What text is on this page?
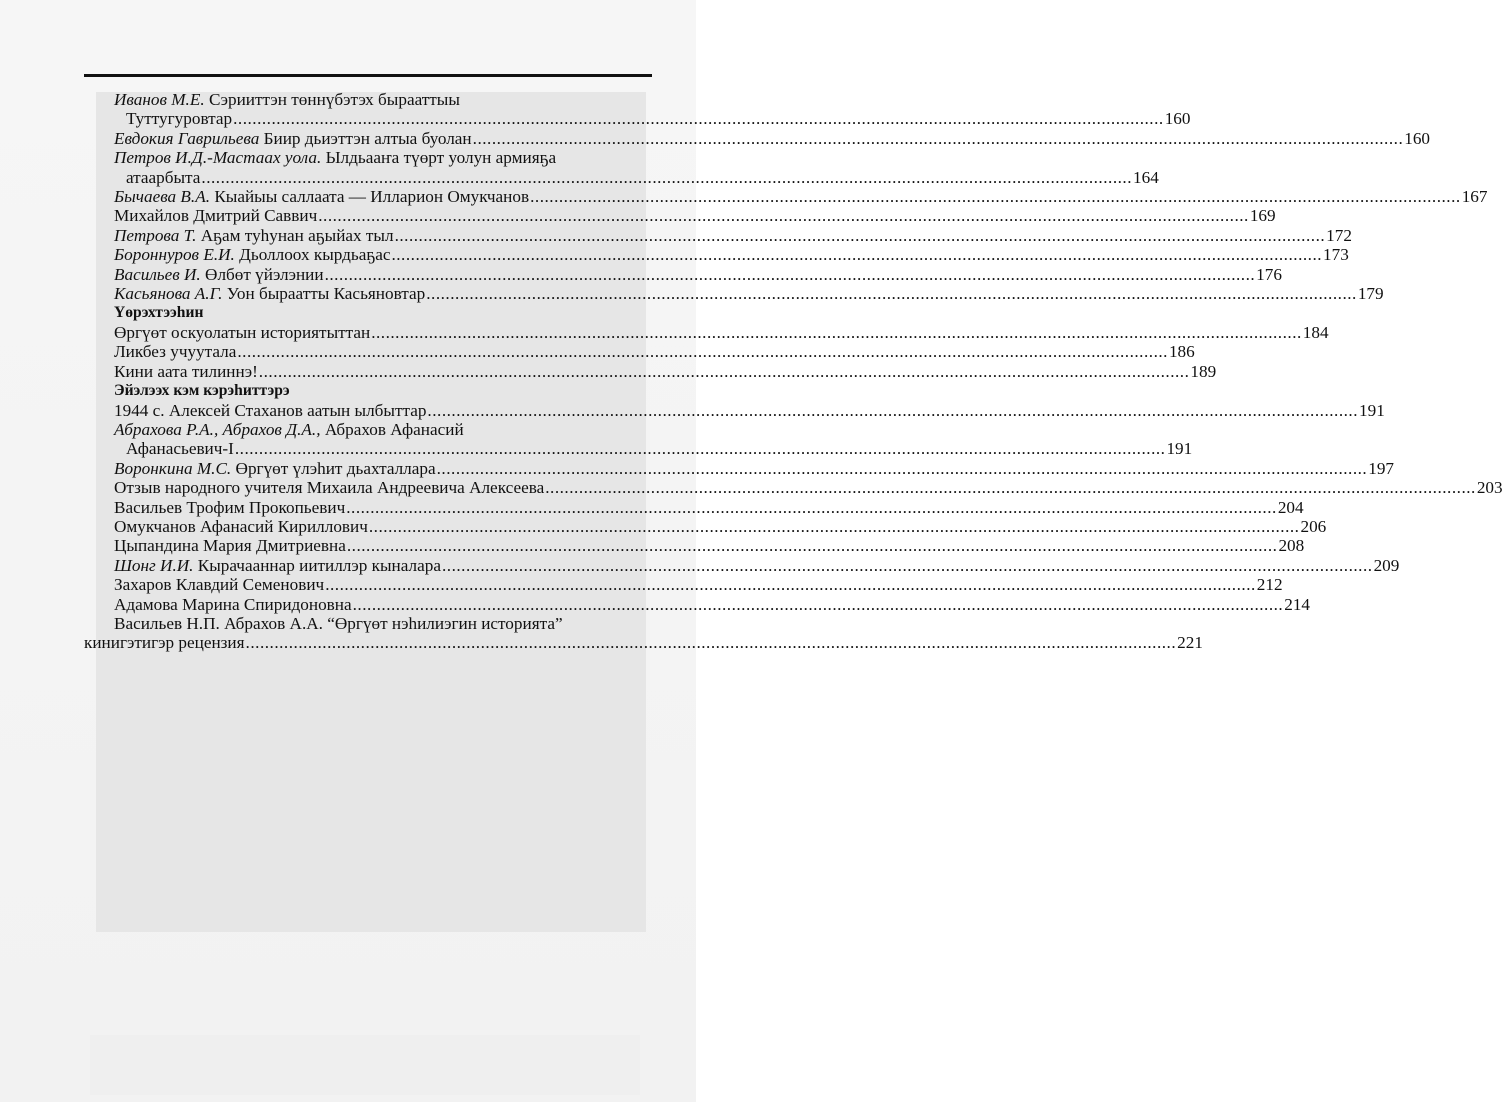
Иванов М.Е. Сэрииттэн төннүбэтэх бырааттыы
Туттугуровтар .....	160
Евдокия Гаврильева Биир дьиэттэн алтыа буолан .....	160
Петров И.Д.-Мастаах уола. Ылдьааҥа түөрт уолун армияҕа
атаарбыта .....	164
Бычаева В.А. Кыайыы саллаата — Илларион Омукчанов .....	167
Михайлов Дмитрий Саввич .....	169
Петрова Т. Аҕам туһунан аҕыйах тыл .....	172
Бороннуров Е.И. Дьоллоох кырдьаҕас .....	173
Васильев И. Өлбөт үйэлэнии .....	176
Касьянова А.Г. Уон быраатты Касьяновтар .....	179
Үөрэхтээһин
Өргүөт оскуолатын историятыттан .....	184
Ликбез учуутала .....	186
Кини аата тилиннэ! .....	189
Эйэлээх кэм кэрэһиттэрэ
1944 с. Алексей Стаханов аатын ылбыттар .....	191
Абрахова Р.А., Абрахов Д.А., Абрахов Афанасий
Афанасьевич-I .....	191
Воронкина М.С. Өргүөт үлэһит дьахталлара .....	197
Отзыв народного учителя Михаила Андреевича Алексеева .....	203
Васильев Трофим Прокопьевич .....	204
Омукчанов Афанасий Кириллович .....	206
Цыпандина Мария Дмитриевна .....	208
Шонг И.И. Кырачааннар иитиллэр кыналара .....	209
Захаров Клавдий Семенович .....	212
Адамова Марина Спиридоновна .....	214
Васильев Н.П. Абрахов А.А. “Өргүөт нэһилиэгин историята”
кинигэтигэр рецензия .....	221
